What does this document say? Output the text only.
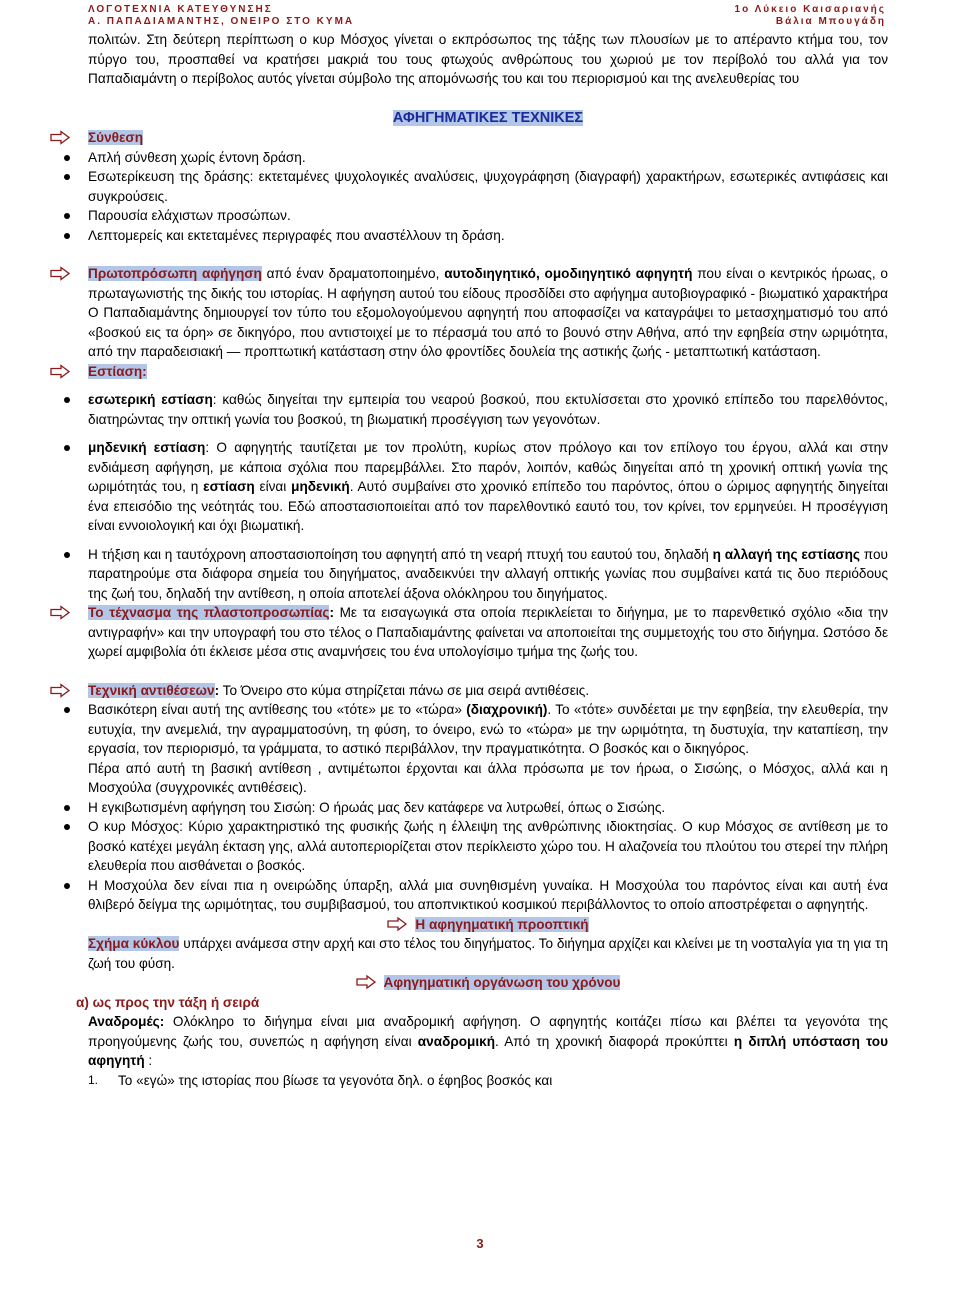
ΛΟΓΟΤΕΧΝΙΑ ΚΑΤΕΥΘΥΝΣΗΣ
Α. ΠΑΠΑΔΙΑΜΑΝΤΗΣ, ΟΝΕΙΡΟ ΣΤΟ ΚΥΜΑ
1ο Λύκειο Καισαριανής
Βάλια Μπουγάδη

πολιτών. Στη δεύτερη περίπτωση ο κυρ Μόσχος γίνεται ο εκπρόσωπος της τάξης των πλουσίων με το απέραντο κτήμα του, τον πύργο του, προσπαθεί να κρατήσει μακριά του τους φτωχούς ανθρώπους του χωριού με τον περίβολό του αλλά για τον Παπαδιαμάντη ο περίβολος αυτός γίνεται σύμβολο της απομόνωσής του και του περιορισμού και της ανελευθερίας του

ΑΦΗΓΗΜΑΤΙΚΕΣ ΤΕΧΝΙΚΕΣ

Σύνθεση

Απλή σύνθεση χωρίς έντονη δράση.

Εσωτερίκευση της δράσης: εκτεταμένες ψυχολογικές αναλύσεις, ψυχογράφηση (διαγραφή) χαρακτήρων, εσωτερικές αντιφάσεις και συγκρούσεις.

Παρουσία ελάχιστων προσώπων.

Λεπτομερείς και εκτεταμένες περιγραφές που αναστέλλουν τη δράση.

Πρωτοπρόσωπη αφήγηση από έναν δραματοποιημένο, αυτοδιηγητικό, ομοδιηγητικό αφηγητή που είναι ο κεντρικός ήρωας, ο πρωταγωνιστής της δικής του ιστορίας. Η αφήγηση αυτού του είδους προσδίδει στο αφήγημα αυτοβιογραφικό - βιωματικό χαρακτήρα Ο Παπαδιαμάντης δημιουργεί τον τύπο του εξομολογούμενου αφηγητή που αποφασίζει να καταγράψει το μετασχηματισμό του από «βοσκού εις τα όρη» σε δικηγόρο, που αντιστοιχεί με το πέρασμά του από το βουνό στην Αθήνα, από την εφηβεία στην ωριμότητα, από την παραδεισιακή — προπτωτική κατάσταση στην όλο φροντίδες δουλεία της αστικής ζωής - μεταπτωτική κατάσταση.

Εστίαση:

εσωτερική εστίαση: καθώς διηγείται την εμπειρία του νεαρού βοσκού, που εκτυλίσσεται στο χρονικό επίπεδο του παρελθόντος, διατηρώντας την οπτική γωνία του βοσκού, τη βιωματική προσέγγιση των γεγονότων.

μηδενική εστίαση: Ο αφηγητής ταυτίζεται με τον προλύτη, κυρίως στον πρόλογο και τον επίλογο του έργου, αλλά και στην ενδιάμεση αφήγηση, με κάποια σχόλια που παρεμβάλλει. Στο παρόν, λοιπόν, καθώς διηγείται από τη χρονική οπτική γωνία της ωριμότητάς του, η εστίαση είναι μηδενική. Αυτό συμβαίνει στο χρονικό επίπεδο του παρόντος, όπου ο ώριμος αφηγητής διηγείται ένα επεισόδιο της νεότητάς του. Εδώ αποστασιοποιείται από τον παρελθοντικό εαυτό του, τον κρίνει, τον ερμηνεύει. Η προσέγγιση είναι εννοιολογική και όχι βιωματική.

Η τήξιση και η ταυτόχρονη αποστασιοποίηση του αφηγητή από τη νεαρή πτυχή του εαυτού του, δηλαδή η αλλαγή της εστίασης που παρατηρούμε στα διάφορα σημεία του διηγήματος, αναδεικνύει την αλλαγή οπτικής γωνίας που συμβαίνει κατά τις δυο περιόδους της ζωή του, δηλαδή την αντίθεση, η οποία αποτελεί άξονα ολόκληρου του διηγήματος.

Το τέχνασμα της πλαστοπροσωπίας: Με τα εισαγωγικά στα οποία περικλείεται το διήγημα, με το παρενθετικό σχόλιο «δια την αντιγραφήν» και την υπογραφή του στο τέλος ο Παπαδιαμάντης φαίνεται να αποποιείται της συμμετοχής του στο διήγημα. Ωστόσο δε χωρεί αμφιβολία ότι έκλεισε μέσα στις αναμνήσεις του ένα υπολογίσιμο τμήμα της ζωής του.

Τεχνική αντιθέσεων: Το Όνειρο στο κύμα στηρίζεται πάνω σε μια σειρά αντιθέσεις.

Βασικότερη είναι αυτή της αντίθεσης του «τότε» με το «τώρα» (διαχρονική). Το «τότε» συνδέεται με την εφηβεία, την ελευθερία, την ευτυχία, την ανεμελιά, την αγραμματοσύνη, τη φύση, το όνειρο, ενώ το «τώρα» με την ωριμότητα, τη δυστυχία, την καταπίεση, την εργασία, τον περιορισμό, τα γράμματα, το αστικό περιβάλλον, την πραγματικότητα. Ο βοσκός και ο δικηγόρος.

Πέρα από αυτή τη βασική αντίθεση , αντιμέτωποι έρχονται και άλλα πρόσωπα με τον ήρωα, ο Σισώης, ο Μόσχος, αλλά και η Μοσχούλα (συγχρονικές αντιθέσεις).

Η εγκιβωτισμένη αφήγηση του Σισώη: Ο ήρωάς μας δεν κατάφερε να λυτρωθεί, όπως ο Σισώης.

Ο κυρ Μόσχος: Κύριο χαρακτηριστικό της φυσικής ζωής η έλλειψη της ανθρώπινης ιδιοκτησίας. Ο κυρ Μόσχος σε αντίθεση με το βοσκό κατέχει μεγάλη έκταση γης, αλλά αυτοπεριορίζεται στον περίκλειστο χώρο του. Η αλαζονεία του πλούτου του στερεί την πλήρη ελευθερία που αισθάνεται ο βοσκός.

Η Μοσχούλα δεν είναι πια η ονειρώδης ύπαρξη, αλλά μια συνηθισμένη γυναίκα. Η Μοσχούλα του παρόντος είναι και αυτή ένα θλιβερό δείγμα της ωριμότητας, του συμβιβασμού, του αποπνικτικού κοσμικού περιβάλλοντος το οποίο αποστρέφεται ο αφηγητής.

Η αφηγηματική προοπτική

Σχήμα κύκλου υπάρχει ανάμεσα στην αρχή και στο τέλος του διηγήματος. Το διήγημα αρχίζει και κλείνει με τη νοσταλγία για τη για τη ζωή του φύση.

Αφηγηματική οργάνωση του χρόνου

α) ως προς την τάξη ή σειρά

Αναδρομές: Ολόκληρο το διήγημα είναι μια αναδρομική αφήγηση. Ο αφηγητής κοιτάζει πίσω και βλέπει τα γεγονότα της προηγούμενης ζωής του, συνεπώς η αφήγηση είναι αναδρομική. Από τη χρονική διαφορά προκύπτει η διπλή υπόσταση του αφηγητή :

1. Το «εγώ» της ιστορίας που βίωσε τα γεγονότα δηλ. ο έφηβος βοσκός και

3
